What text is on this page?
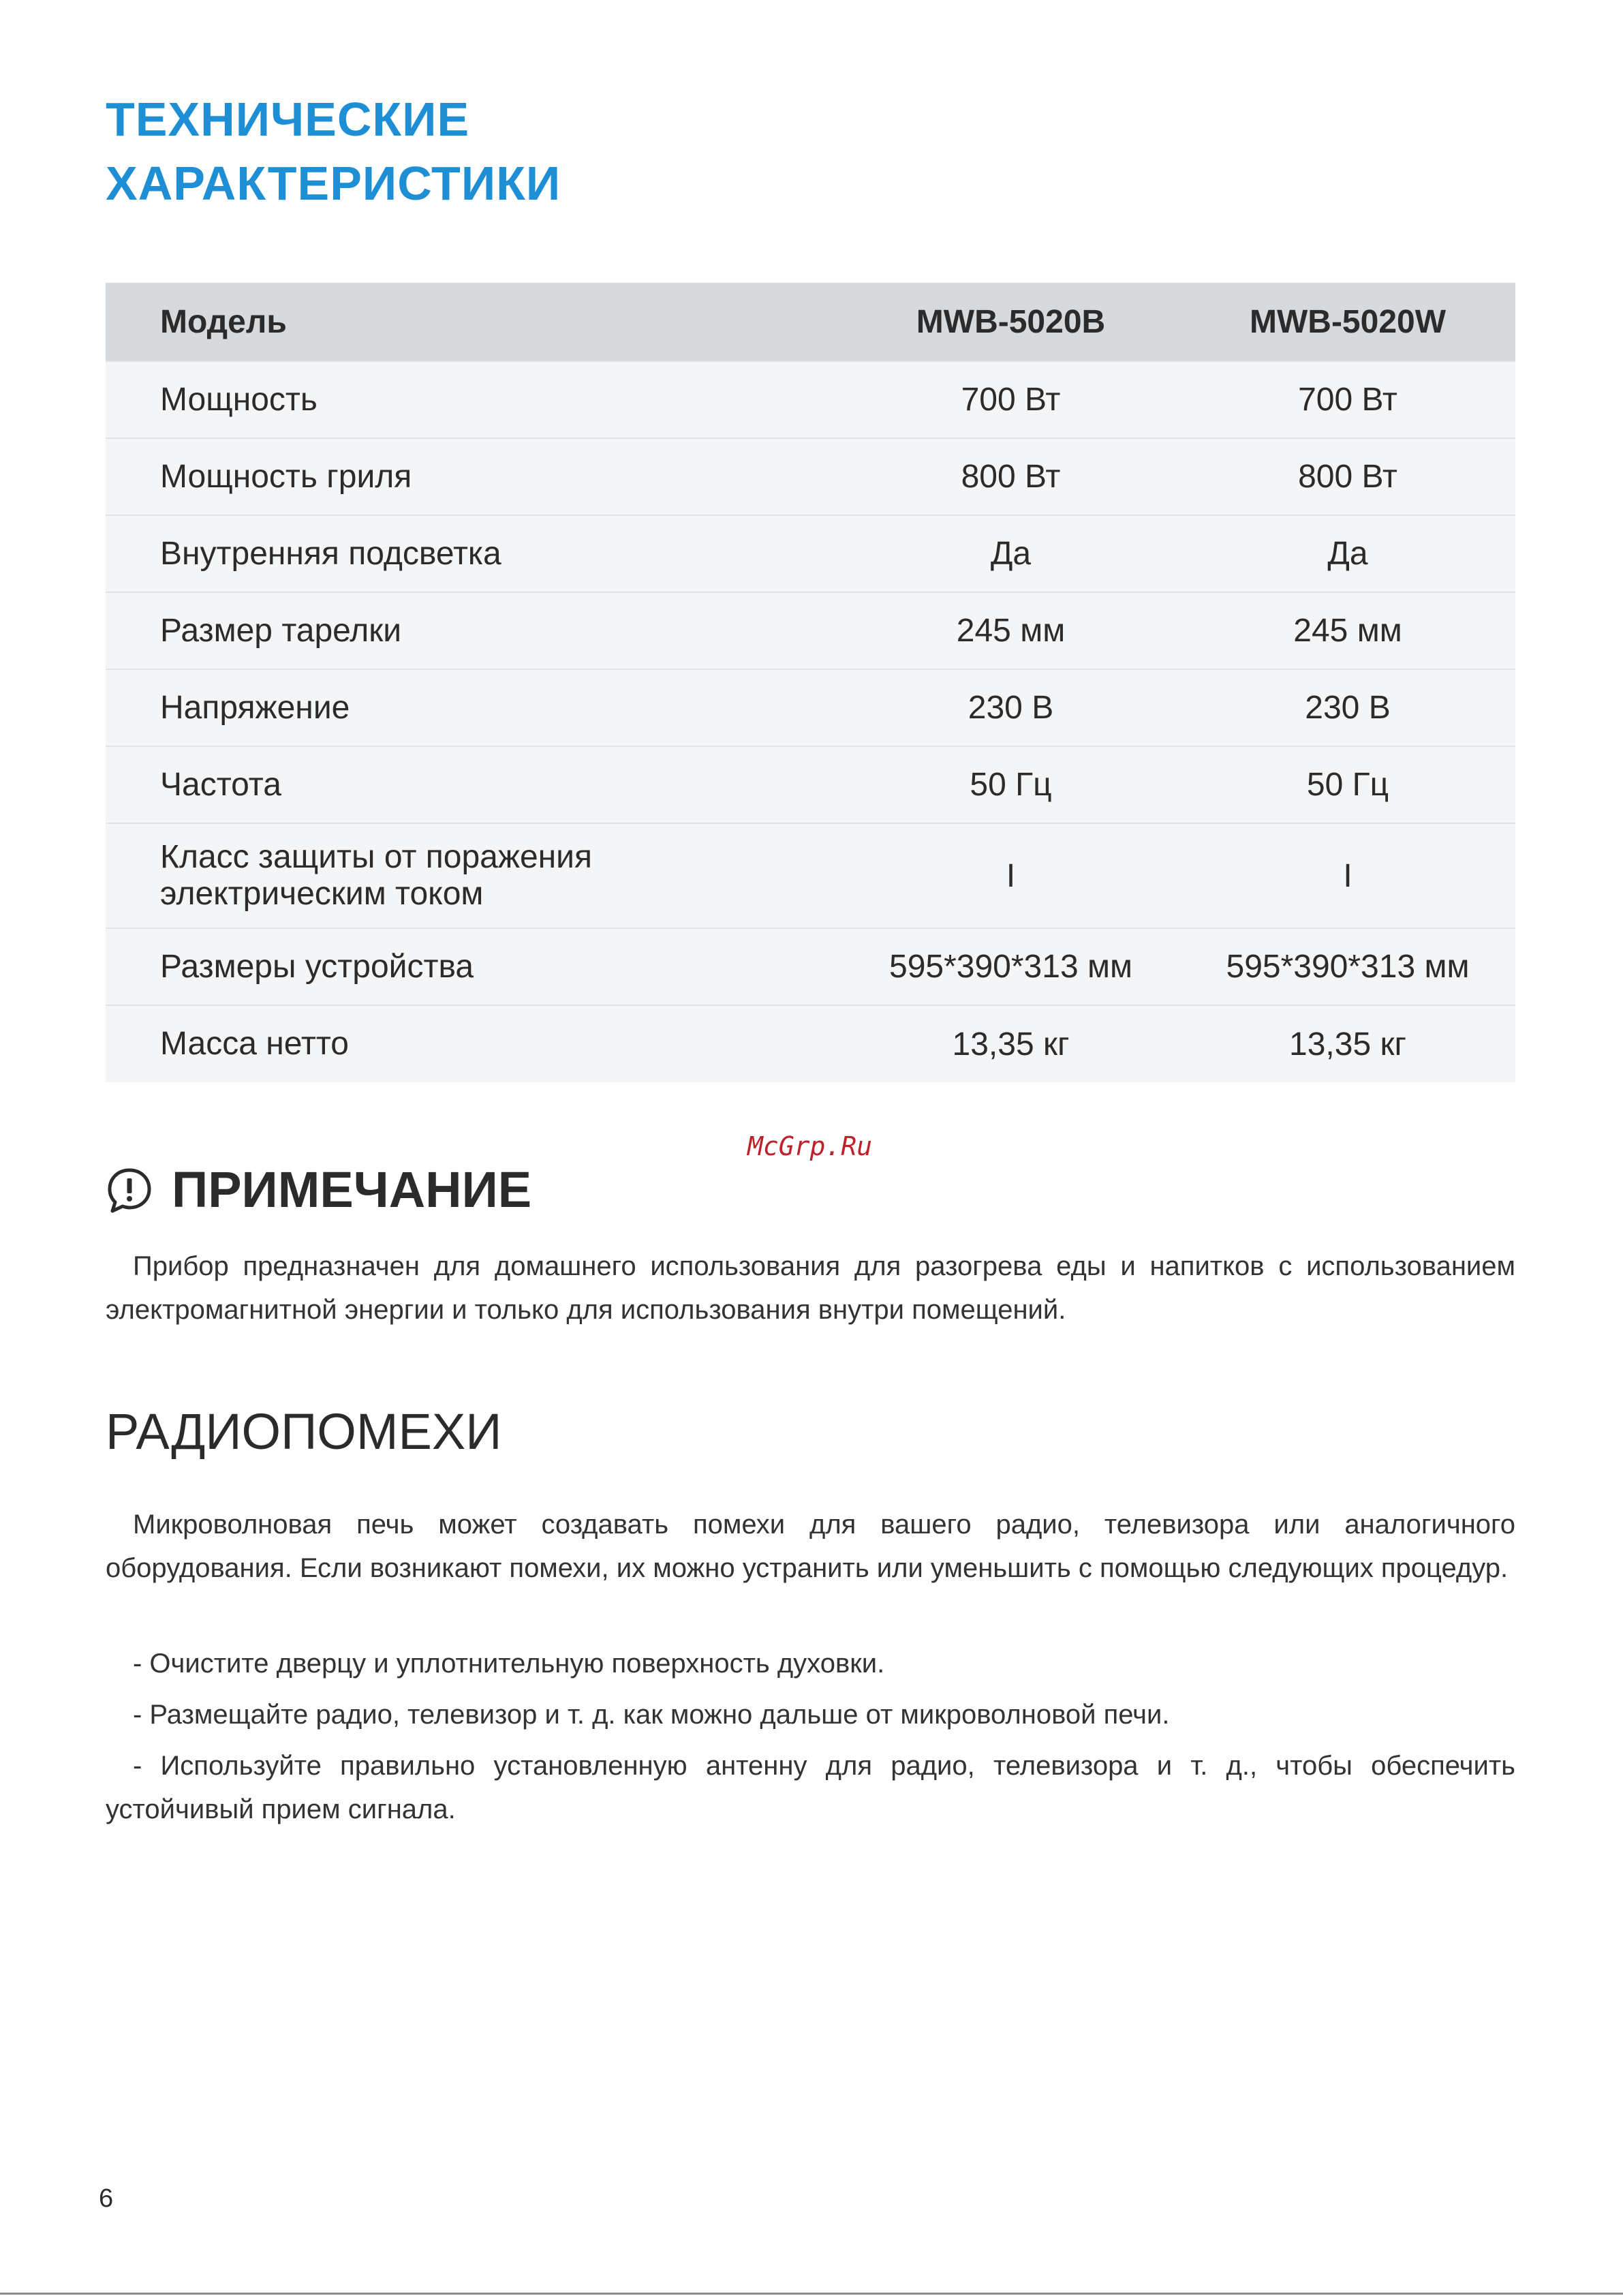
ТЕХНИЧЕСКИЕ
ХАРАКТЕРИСТИКИ
Модель	MWB-5020B	MWB-5020W
Мощность	700 Вт	700 Вт
Мощность гриля	800 Вт	800 Вт
Внутренняя подсветка	Да	Да
Размер тарелки	245 мм	245 мм
Напряжение	230 В	230 В
Частота	50 Гц	50 Гц

Класс защиты от поражения
электрическим током	I	I
Размеры устройства	595*390*313 мм	595*390*313 мм
Масса нетто	13,35 кг	13,35 кг
McGrp.Ru
ПРИМЕЧАНИЕ

Прибор предназначен для домашнего использования для разогрева еды и напитков с использованием электромагнитной энергии и только для использования внутри помещений.

РАДИОПОМЕХИ

Микроволновая печь может создавать помехи для вашего радио, телевизора или аналогичного оборудования. Если возникают помехи, их можно устранить или уменьшить с помощью следующих процедур.

- Очистите дверцу и уплотнительную поверхность духовки.

- Размещайте радио, телевизор и т. д. как можно дальше от микроволновой печи.

- Используйте правильно установленную антенну для радио, телевизора и т. д., чтобы обеспечить устойчивый прием сигнала.

6
